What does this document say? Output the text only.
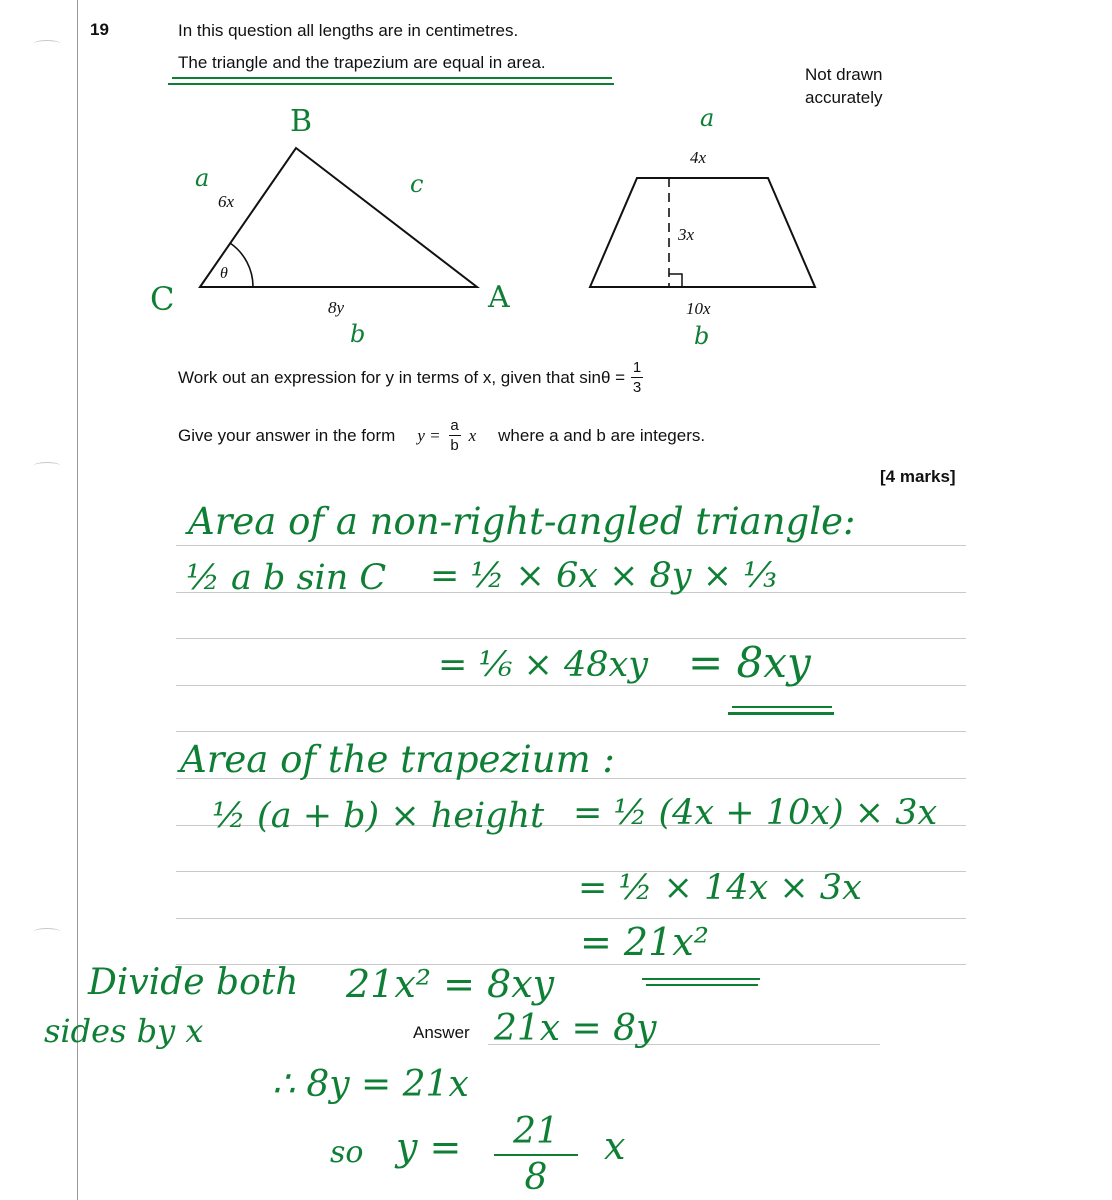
19	In this question all lengths are in centimetres.
The triangle and the trapezium are equal in area.
Not drawn
accurately
6x
8y
θ
4x
3x
10x
B
C	A
a	c
b
a
b
Work out an expression for y in terms of x, given that $\sin\theta = \frac{1}{3}$
Give your answer in the form $y = \frac{a}{b}$ x where a and b are integers.
[4 marks]
Answer
Area of a non-right-angled triangle:
½ a b sin C = ½ × 6x × 8y × ⅓
= ⅙ × 48xy = 8xy
Area of the trapezium :
½ (a + b) × height = ½ (4x + 10x) × 3x
= ½ × 14x × 3x
= 21x²
Divide both
sides by x
21x² = 8xy
21x = 8y
∴ 8y = 21x
so y =	21
8
x
